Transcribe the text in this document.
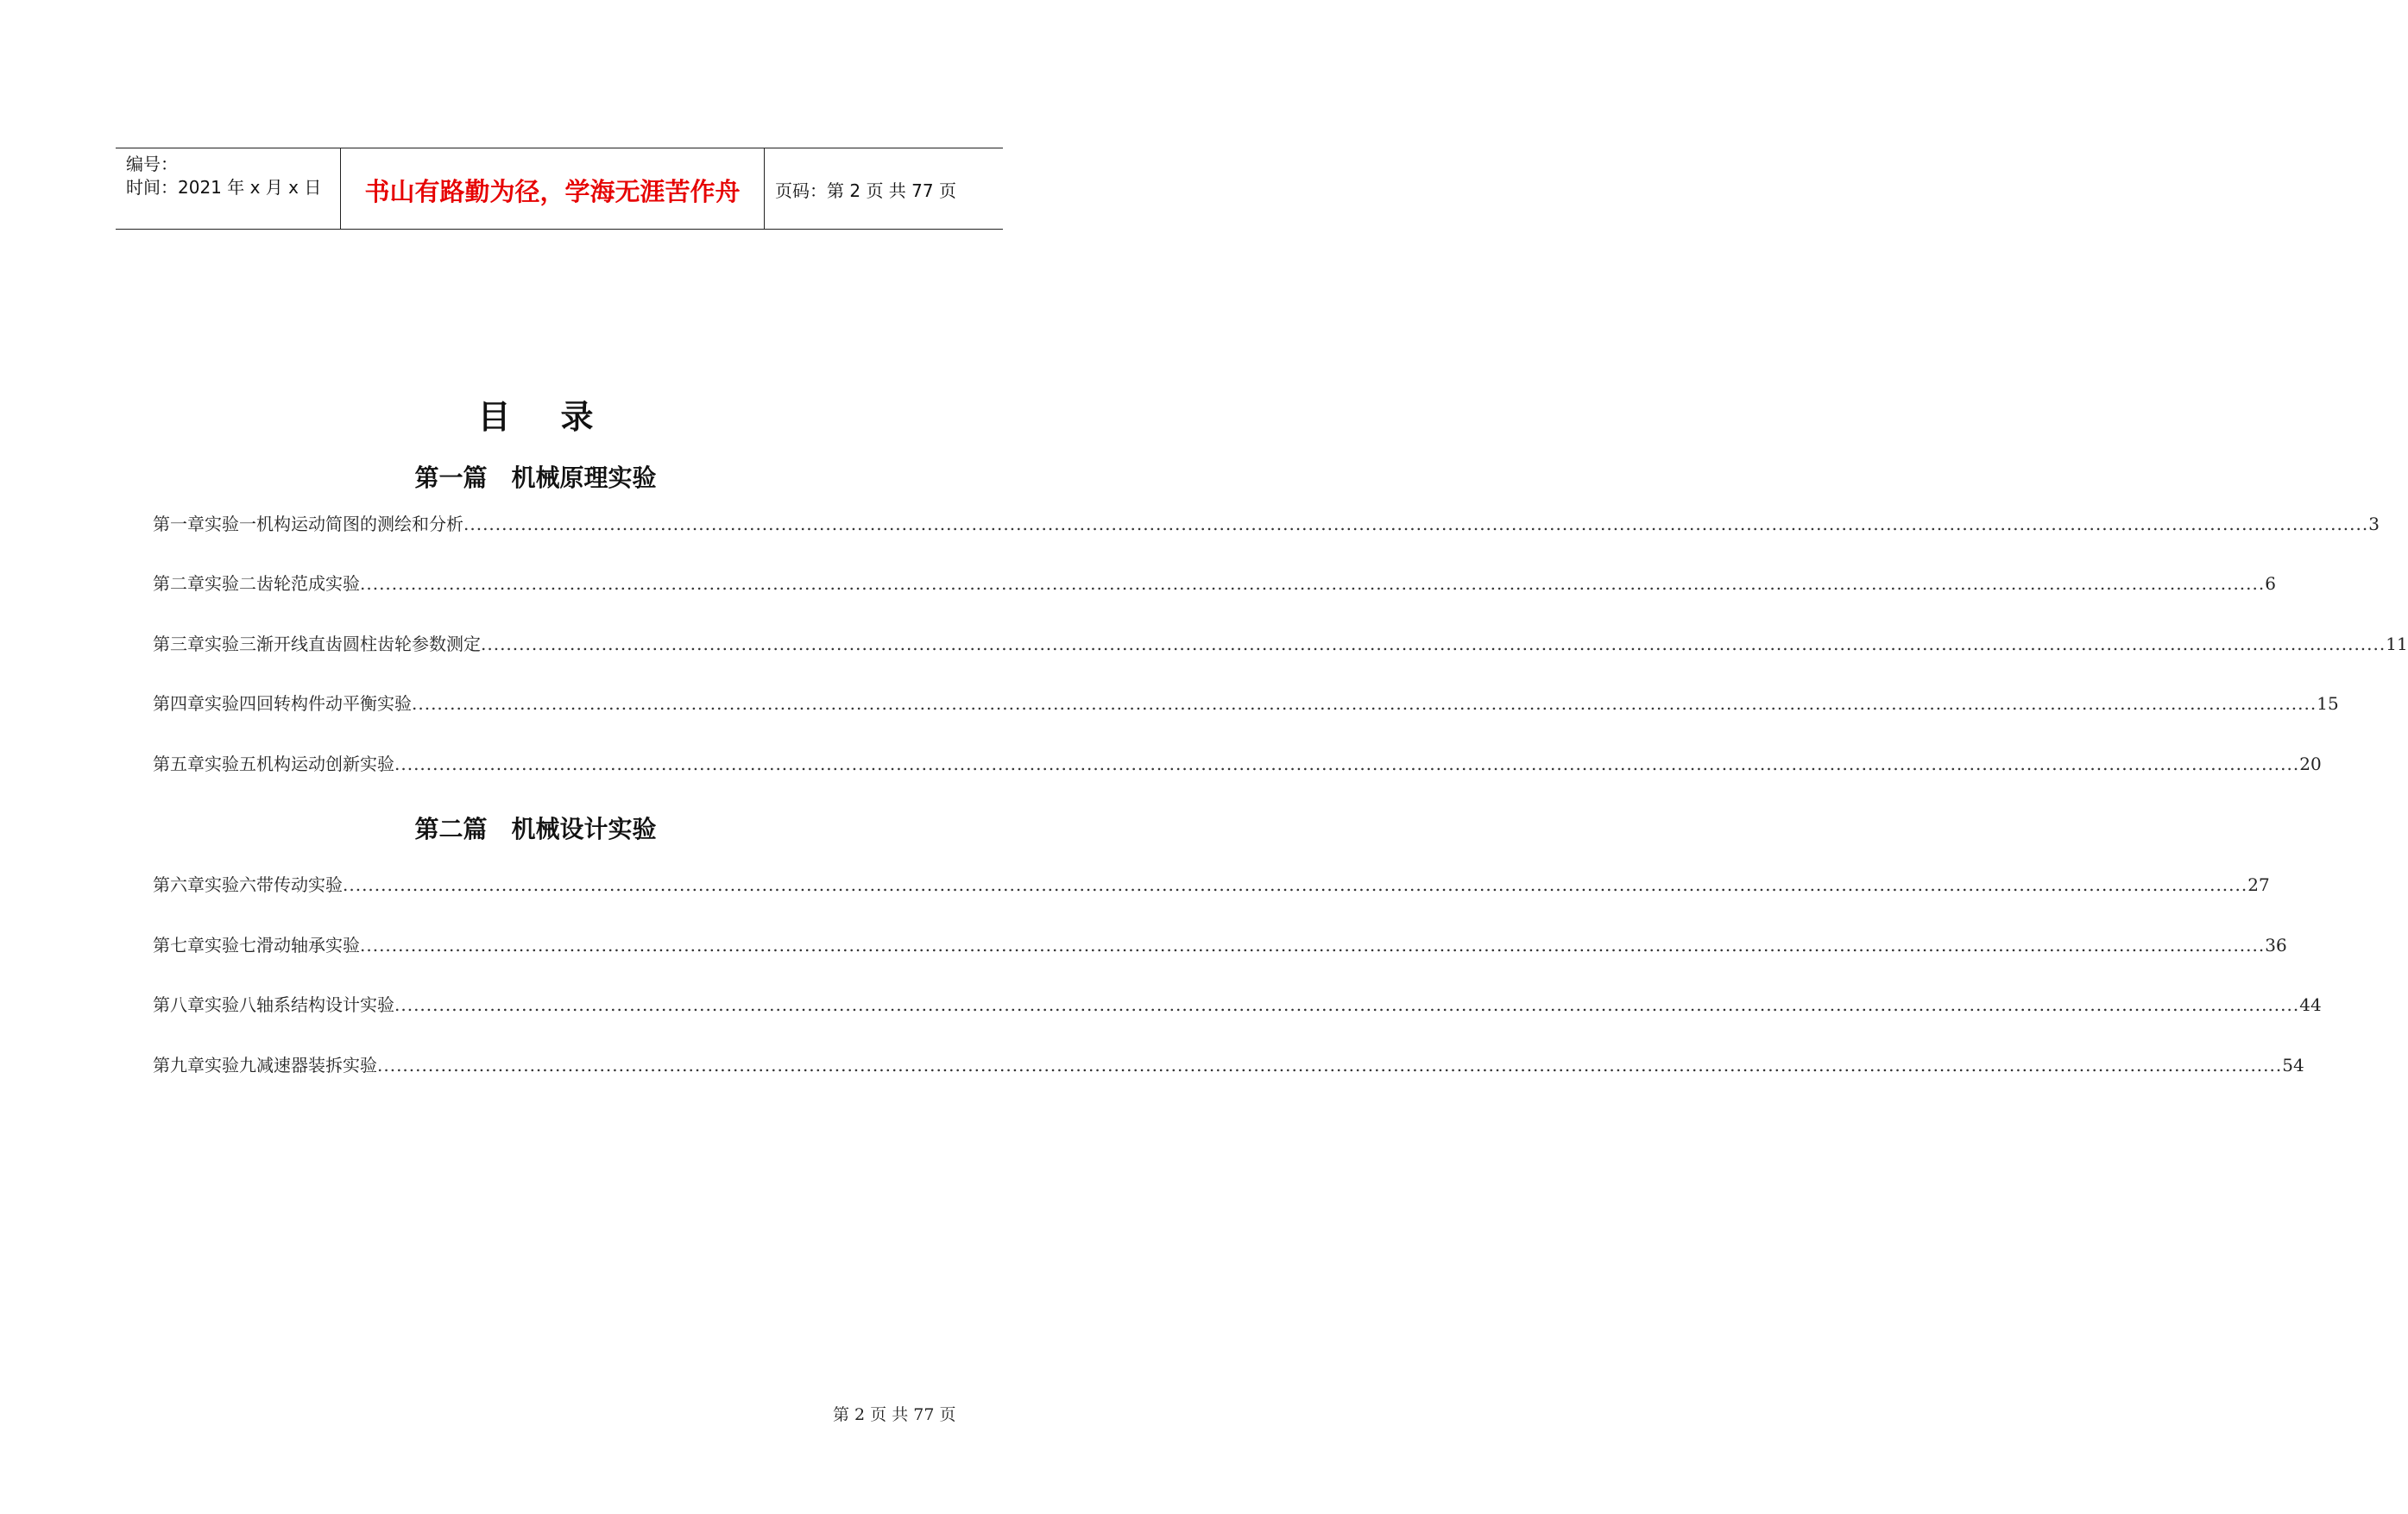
编号：
时间：2021 年 x 月 x 日	书山有路勤为径，学海无涯苦作舟	页码：第 2 页 共 77 页
目录
第一篇　机械原理实验
第一章 实验一 机构运动简图的测绘和分析 ............................................................................................................................................................................................................................................................................................................ 3
第二章 实验二 齿轮范成实验 ............................................................................................................................................................................................................................................................................................................ 6
第三章 实验三 渐开线直齿圆柱齿轮参数测定 ............................................................................................................................................................................................................................................................................................................ 11
第四章 实验四 回转构件动平衡实验 ............................................................................................................................................................................................................................................................................................................ 15
第五章 实验五 机构运动创新实验 ............................................................................................................................................................................................................................................................................................................ 20
第二篇　机械设计实验
第六章 实验六 带传动实验 ............................................................................................................................................................................................................................................................................................................ 27
第七章 实验七 滑动轴承实验 ............................................................................................................................................................................................................................................................................................................ 36
第八章 实验八 轴系结构设计实验 ............................................................................................................................................................................................................................................................................................................ 44
第九章 实验九 减速器装拆实验 ............................................................................................................................................................................................................................................................................................................ 54
第 2 页 共 77 页
